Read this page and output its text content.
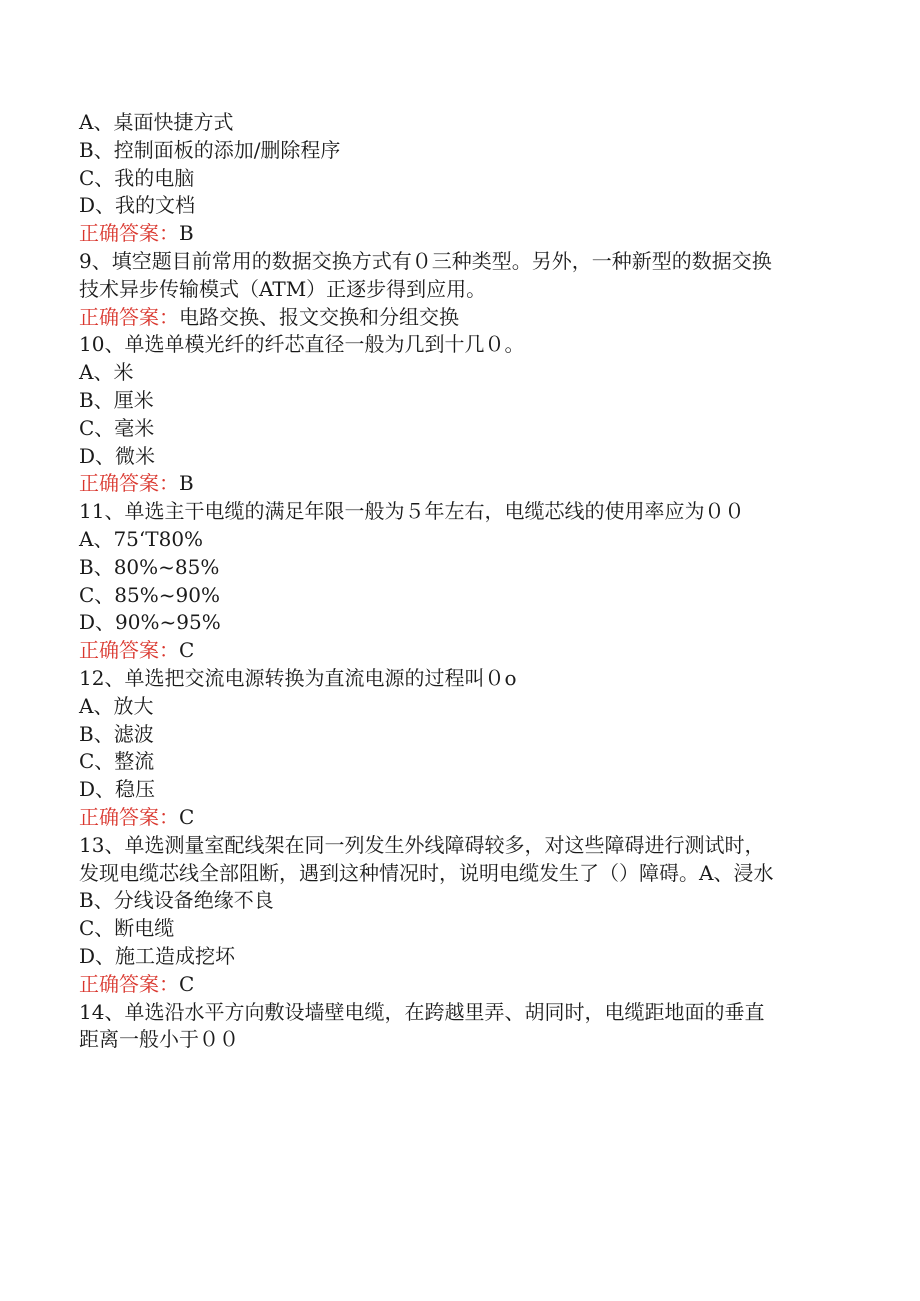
A、桌面快捷方式
B、控制面板的添加/删除程序
C、我的电脑
D、我的文档
正确答案：B
9、填空题目前常用的数据交换方式有０三种类型。另外，一种新型的数据交换
技术异步传输模式（ATM）正逐步得到应用。
正确答案：电路交换、报文交换和分组交换
10、单选单模光纤的纤芯直径一般为几到十几０。
A、米
B、厘米
C、毫米
D、微米
正确答案：B
11、单选主干电缆的满足年限一般为５年左右，电缆芯线的使用率应为００
A、75‘T80%
B、80%~85%
C、85%~90%
D、90%~95%
正确答案：C
12、单选把交流电源转换为直流电源的过程叫０o
A、放大
B、滤波
C、整流
D、稳压
正确答案：C
13、单选测量室配线架在同一列发生外线障碍较多，对这些障碍进行测试时，
发现电缆芯线全部阻断，遇到这种情况时，说明电缆发生了（）障碍。A、浸水
B、分线设备绝缘不良
C、断电缆
D、施工造成挖坏
正确答案：C
14、单选沿水平方向敷设墙壁电缆，在跨越里弄、胡同时，电缆距地面的垂直
距离一般小于００
